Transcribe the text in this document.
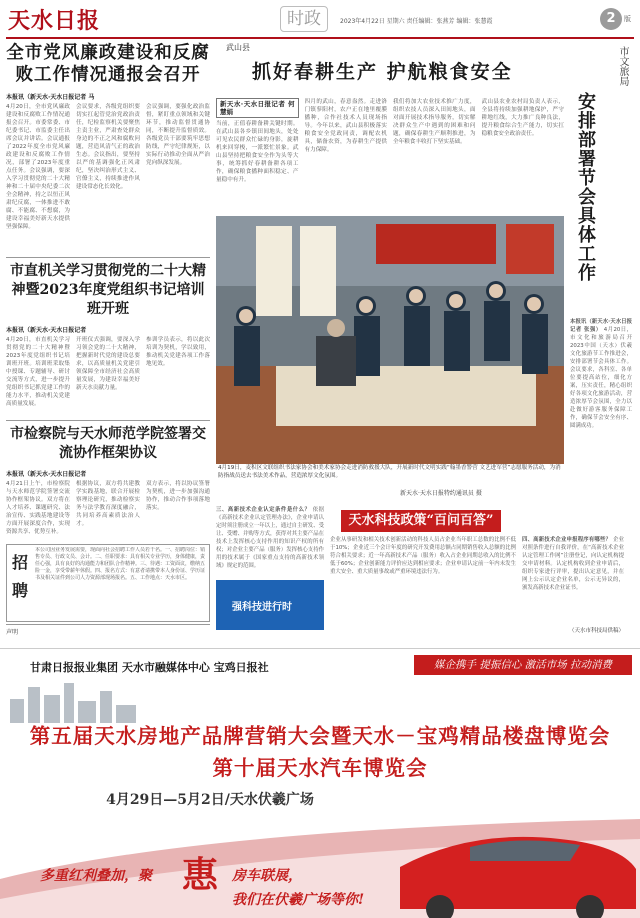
天水日报	时政	2023年4月22日 星期六 责任编辑：张燕芳 编辑：张慧霞	2	版
全市党风廉政建设和反腐败工作情况通报会召开
本报讯（新天水·天水日报记者 马
4月20日，全市党风廉政建设和反腐败工作情况通报会召开。市委常委、市纪委书记、市监委主任出席会议并讲话。会议通报了2022年度全市党风廉政建设和反腐败工作情况，部署了2023年度重点任务。会议强调，要深入学习贯彻党的二十大精神和二十届中央纪委二次全会精神，持之以恒正风肃纪反腐，一体推进不敢腐、不能腐、不想腐，为建设幸福美好新天水提供坚强保障。
会议要求，各级党组织要切实扛起管党治党政治责任，纪检监察机关要聚焦主责主业，严肃查处群众身边的不正之风和腐败问题，营造风清气正的政治生态。会议指出，要坚持以严的基调强化正风肃纪，坚决纠治形式主义、官僚主义，持续推进作风建设常态化长效化。
会议强调，要强化政治监督，紧盯重点领域和关键环节，推动监督贯通协同，不断提升监督质效。各级党员干部要筑牢思想防线，严守纪律规矩，以实际行动推动全面从严治党向纵深发展。
市直机关学习贯彻党的二十大精神暨2023年度党组织书记培训班开班
本报讯（新天水·天水日报记者
4月20日，市直机关学习贯彻党的二十大精神暨2023年度党组织书记培训班开班。培训班采取集中授课、专题辅导、研讨交流等方式，进一步提升党组织书记抓党建工作的能力水平，推动机关党建高质量发展。
开班仪式强调，要深入学习领会党的二十大精神，把握新时代党的建设总要求，以高质量机关党建引领保障全市经济社会高质量发展，为建设幸福美好新天水贡献力量。
参训学员表示，将以此次培训为契机，学以致用，推动机关党建各项工作落地见效。
市检察院与天水师范学院签署交流协作框架协议
本报讯（新天水·天水日报记者
4月21日上午，市检察院与天水师范学院签署交流协作框架协议。双方将在人才培养、课题研究、法治宣传、实践基地建设等方面开展深度合作，实现资源共享、优势互补。
根据协议，双方将共建教学实践基地，联合开展检察理论研究，推动检察实务与法学教育深度融合，共同培养高素质法治人才。
双方表示，将以协议签署为契机，进一步加强沟通协作，推动合作事项落地落实。
武山县
抓好春耕生产 护航粮食安全
新天水·天水日报记者 何慧娟
当前，正值春耕备耕关键时期。在武山县各乡镇田间地头，处处可见农民群众忙碌的身影，旋耕机来回穿梭，一派繁忙景象。武山县坚持把粮食安全作为头等大事，统筹抓好春耕备耕各项工作，确保粮食播种面积稳定、产量稳中有升。
四月的武山，春意盎然。走进洛门镇蓼阳村，农户正在地里覆膜播种，合作社技术人员现场指导。今年以来，武山县积极落实粮食安全党政同责，调配农机具，储备农资，为春耕生产提供有力保障。
我们将加大农业技术推广力度，组织农技人员深入田间地头，面对面开展技术指导服务，切实解决群众生产中遇到的困难和问题，确保春耕生产顺利推进，为全年粮食丰收打下坚实基础。
武山县农业农村局负责人表示，全县将持续加强耕地保护，严守耕地红线，大力推广良种良法，提升粮食综合生产能力，切实扛稳粮食安全政治责任。
市文旅局
安排部署节会具体工作
本报讯（新天水·天水日报记者 张强） 4月20日，市文化和旅游局召开2023中国（天水）伏羲文化旅游节工作推进会，安排部署节会具体工作。会议要求，各科室、各单位要提高站位，细化方案，压实责任，精心组织好各项文化旅游活动，营造浓厚节会氛围，全力以赴做好游客服务保障工作，确保节会安全有序、圆满成功。
4月19日，麦积区文联组织书法家协会和美术家协会走进消防救援大队，开展新时代文明实践“翰墨香警营 文艺进军营”志愿服务活动，为消防指战员送去书法美术作品，营造浓厚文化氛围。
新天水·天水日报特约通讯员 摄
招聘
本公司因业务发展需要，现面向社会招聘工作人员若干名。一、招聘岗位：销售专员、行政文员、会计。二、任职要求：具有相关专业学历，身体健康，责任心强，具有良好的沟通能力和团队合作精神。三、待遇：工资面议，缴纳五险一金，享受带薪年休假。四、报名方式：有意者请携带本人身份证、学历证书及相关证件到公司人力资源部现场报名。五、工作地点：天水市区。
声明
天水科技政策“百问百答”
三、高新技术企业认定条件是什么？ 依据《高新技术企业认定管理办法》，企业申请认定时须注册成立一年以上，通过自主研发、受让、受赠、并购等方式，获得对其主要产品在技术上发挥核心支持作用的知识产权的所有权；对企业主要产品（服务）发挥核心支持作用的技术属于《国家重点支持的高新技术领域》规定的范围。
强科技进行时
企业从事研发和相关技术创新活动的科技人员占企业当年职工总数的比例不低于10%；企业近三个会计年度的研究开发费用总额占同期销售收入总额的比例符合相关要求；近一年高新技术产品（服务）收入占企业同期总收入的比例不低于60%；企业创新能力评价应达到相应要求；企业申请认定前一年内未发生重大安全、重大质量事故或严重环境违法行为。
四、高新技术企业申报程序有哪些？ 企业对照条件进行自我评价，在“高新技术企业认定管理工作网”注册登记，向认定机构提交申请材料。认定机构收到企业申请后，组织专家进行评审，提出认定意见，并在网上公示认定企业名单，公示无异议的，颁发高新技术企业证书。
（天水市科技局供稿）
甘肃日报报业集团 天水市融媒体中心 宝鸡日报社	媒企携手 提振信心 激活市场 拉动消费
第五届天水房地产品牌营销大会暨天水－宝鸡精品楼盘博览会
第十届天水汽车博览会
4月29日—5月2日/天水伏羲广场
多重红利叠加，聚 惠 房车联展，
我们在伏羲广场等你!
